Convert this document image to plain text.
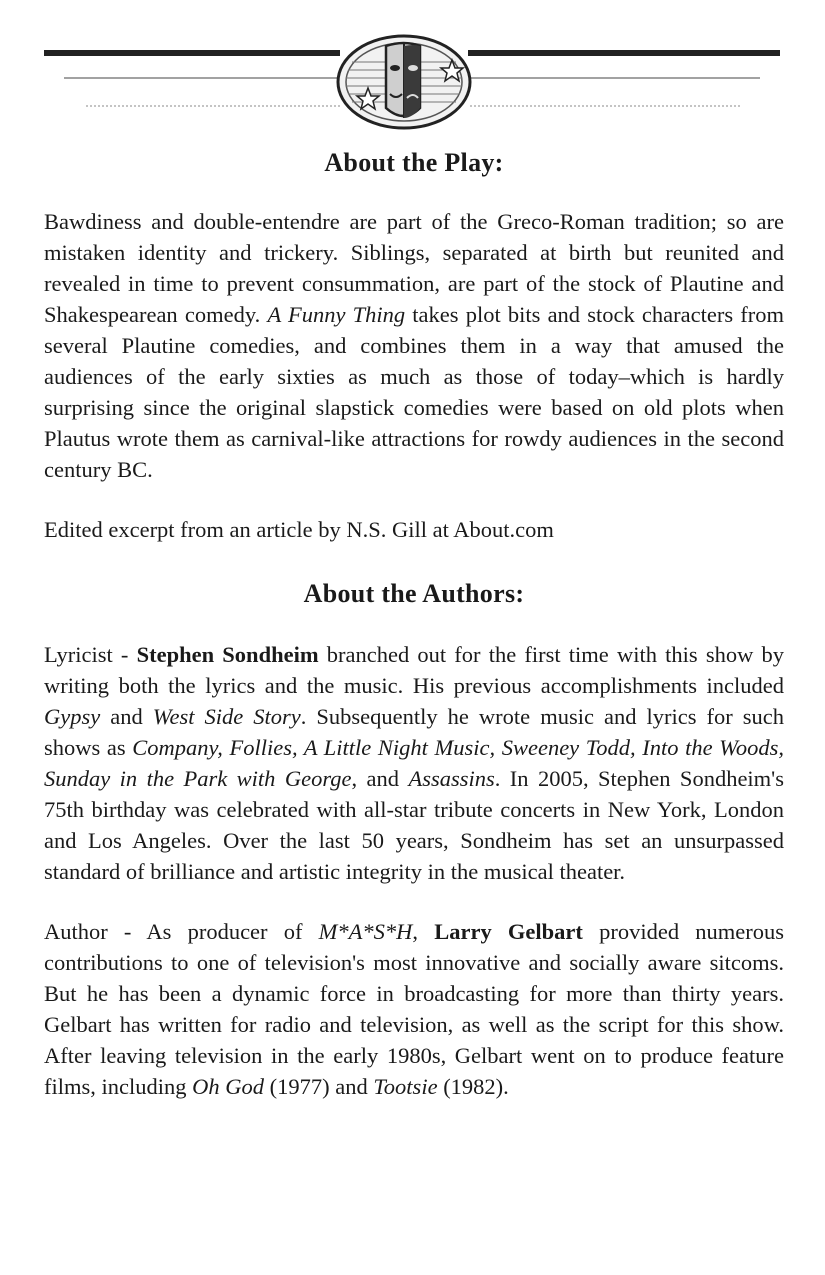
About the Play:

Bawdiness and double-entendre are part of the Greco-Roman tradition; so are mistaken identity and trickery. Siblings, separated at birth but reunited and revealed in time to prevent consummation, are part of the stock of Plautine and Shakespearean comedy. A Funny Thing takes plot bits and stock characters from several Plautine comedies, and combines them in a way that amused the audiences of the early sixties as much as those of today–which is hardly surprising since the original slapstick comedies were based on old plots when Plautus wrote them as carnival-like attractions for rowdy audiences in the second century BC.

Edited excerpt from an article by N.S. Gill at About.com

About the Authors:

Lyricist - Stephen Sondheim branched out for the first time with this show by writing both the lyrics and the music. His previous accomplishments included Gypsy and West Side Story. Subsequently he wrote music and lyrics for such shows as Company, Follies, A Little Night Music, Sweeney Todd, Into the Woods, Sunday in the Park with George, and Assassins. In 2005, Stephen Sondheim's 75th birthday was celebrated with all-star tribute concerts in New York, London and Los Angeles. Over the last 50 years, Sondheim has set an unsurpassed standard of brilliance and artistic integrity in the musical theater.

Author - As producer of M*A*S*H, Larry Gelbart provided numerous contributions to one of television's most innovative and socially aware sitcoms. But he has been a dynamic force in broadcasting for more than thirty years. Gelbart has written for radio and television, as well as the script for this show. After leaving television in the early 1980s, Gelbart went on to produce feature films, including Oh God (1977) and Tootsie (1982).
